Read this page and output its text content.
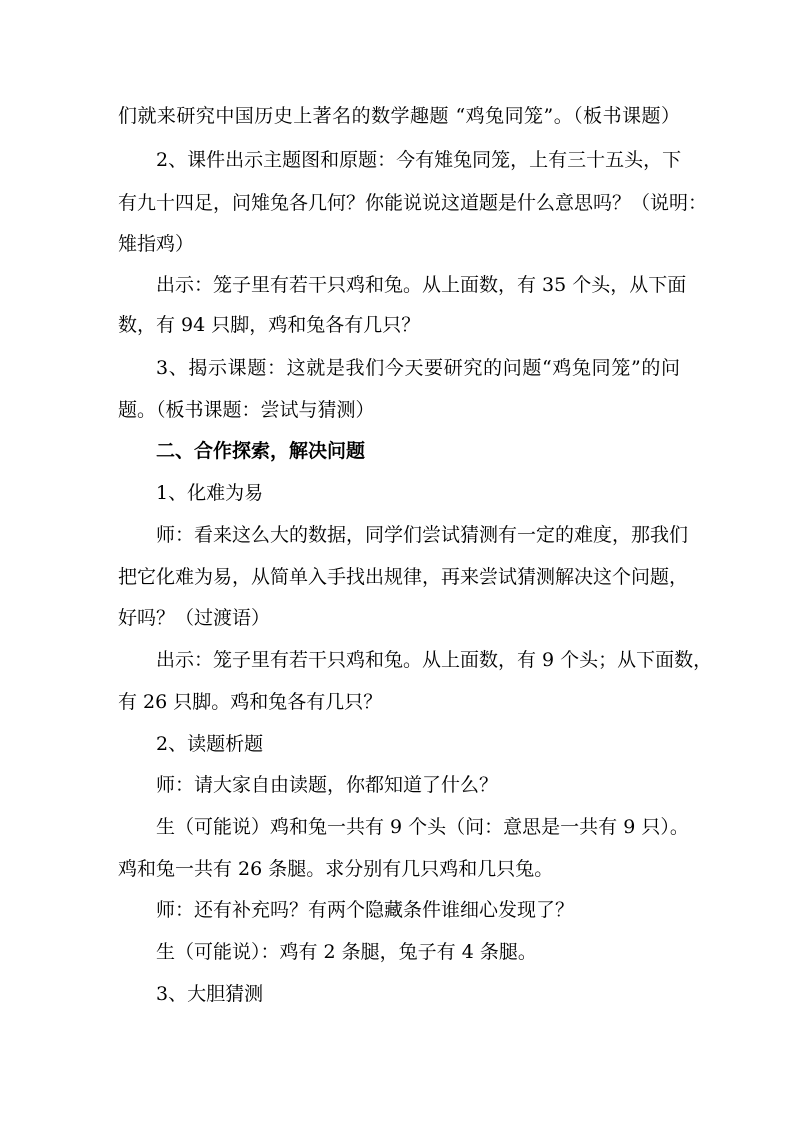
们就来研究中国历史上著名的数学趣题 “鸡兔同笼”。（板书课题）
2、课件出示主题图和原题：今有雉兔同笼，上有三十五头，下
有九十四足，问雉兔各几何？你能说说这道题是什么意思吗？（说明：
雉指鸡）
出示：笼子里有若干只鸡和兔。从上面数，有 35 个头，从下面
数，有 94 只脚，鸡和兔各有几只？
3、揭示课题：这就是我们今天要研究的问题“鸡兔同笼”的问
题。（板书课题：尝试与猜测）
二、合作探索，解决问题
1、化难为易
师：看来这么大的数据，同学们尝试猜测有一定的难度，那我们
把它化难为易，从简单入手找出规律，再来尝试猜测解决这个问题，
好吗？（过渡语）
出示：笼子里有若干只鸡和兔。从上面数，有 9 个头；从下面数，
有 26 只脚。鸡和兔各有几只？
2、读题析题
师：请大家自由读题，你都知道了什么？
生（可能说）鸡和兔一共有 9 个头（问：意思是一共有 9 只）。
鸡和兔一共有 26 条腿。求分别有几只鸡和几只兔。
师：还有补充吗？有两个隐藏条件谁细心发现了？
生（可能说）：鸡有 2 条腿，兔子有 4 条腿。
3、大胆猜测
